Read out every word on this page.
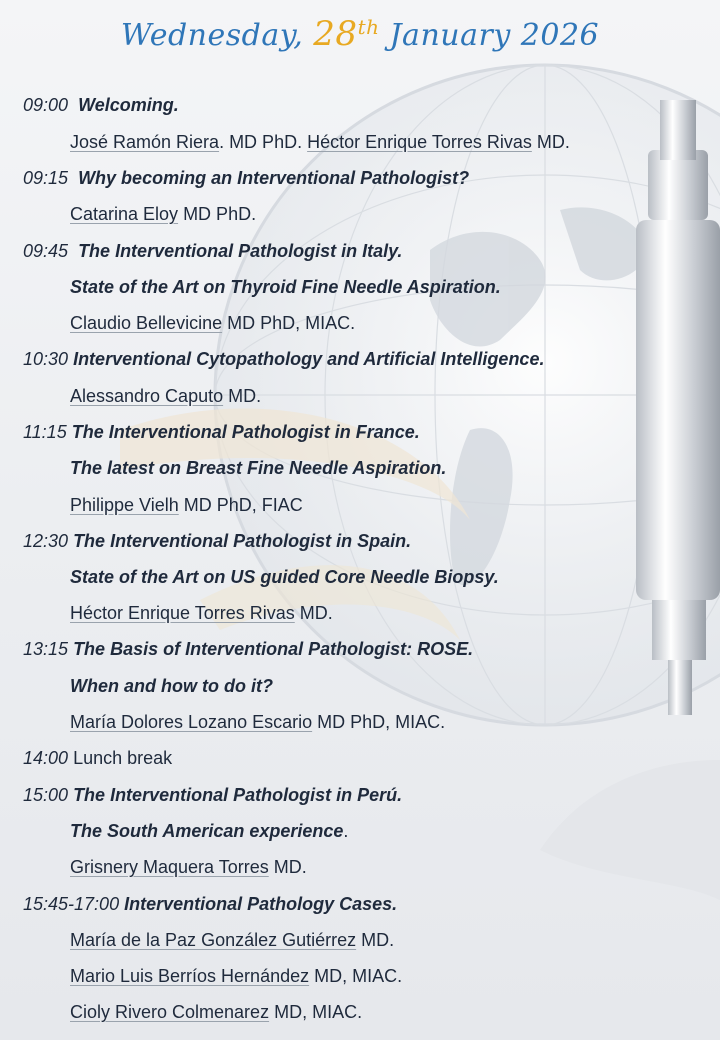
Wednesday, 28th January 2026
09:00 Welcoming.
José Ramón Riera. MD PhD. Héctor Enrique Torres Rivas MD.
09:15 Why becoming an Interventional Pathologist?
Catarina Eloy MD PhD.
09:45 The Interventional Pathologist in Italy.
State of the Art on Thyroid Fine Needle Aspiration.
Claudio Bellevicine MD PhD, MIAC.
10:30 Interventional Cytopathology and Artificial Intelligence.
Alessandro Caputo MD.
11:15 The Interventional Pathologist in France.
The latest on Breast Fine Needle Aspiration.
Philippe Vielh MD PhD, FIAC
12:30 The Interventional Pathologist in Spain.
State of the Art on US guided Core Needle Biopsy.
Héctor Enrique Torres Rivas MD.
13:15 The Basis of Interventional Pathologist: ROSE.
When and how to do it?
María Dolores Lozano Escario MD PhD, MIAC.
14:00 Lunch break
15:00 The Interventional Pathologist in Perú.
The South American experience.
Grisnery Maquera Torres MD.
15:45-17:00 Interventional Pathology Cases.
María de la Paz González Gutiérrez MD.
Mario Luis Berríos Hernández MD, MIAC.
Cioly Rivero Colmenarez MD, MIAC.
